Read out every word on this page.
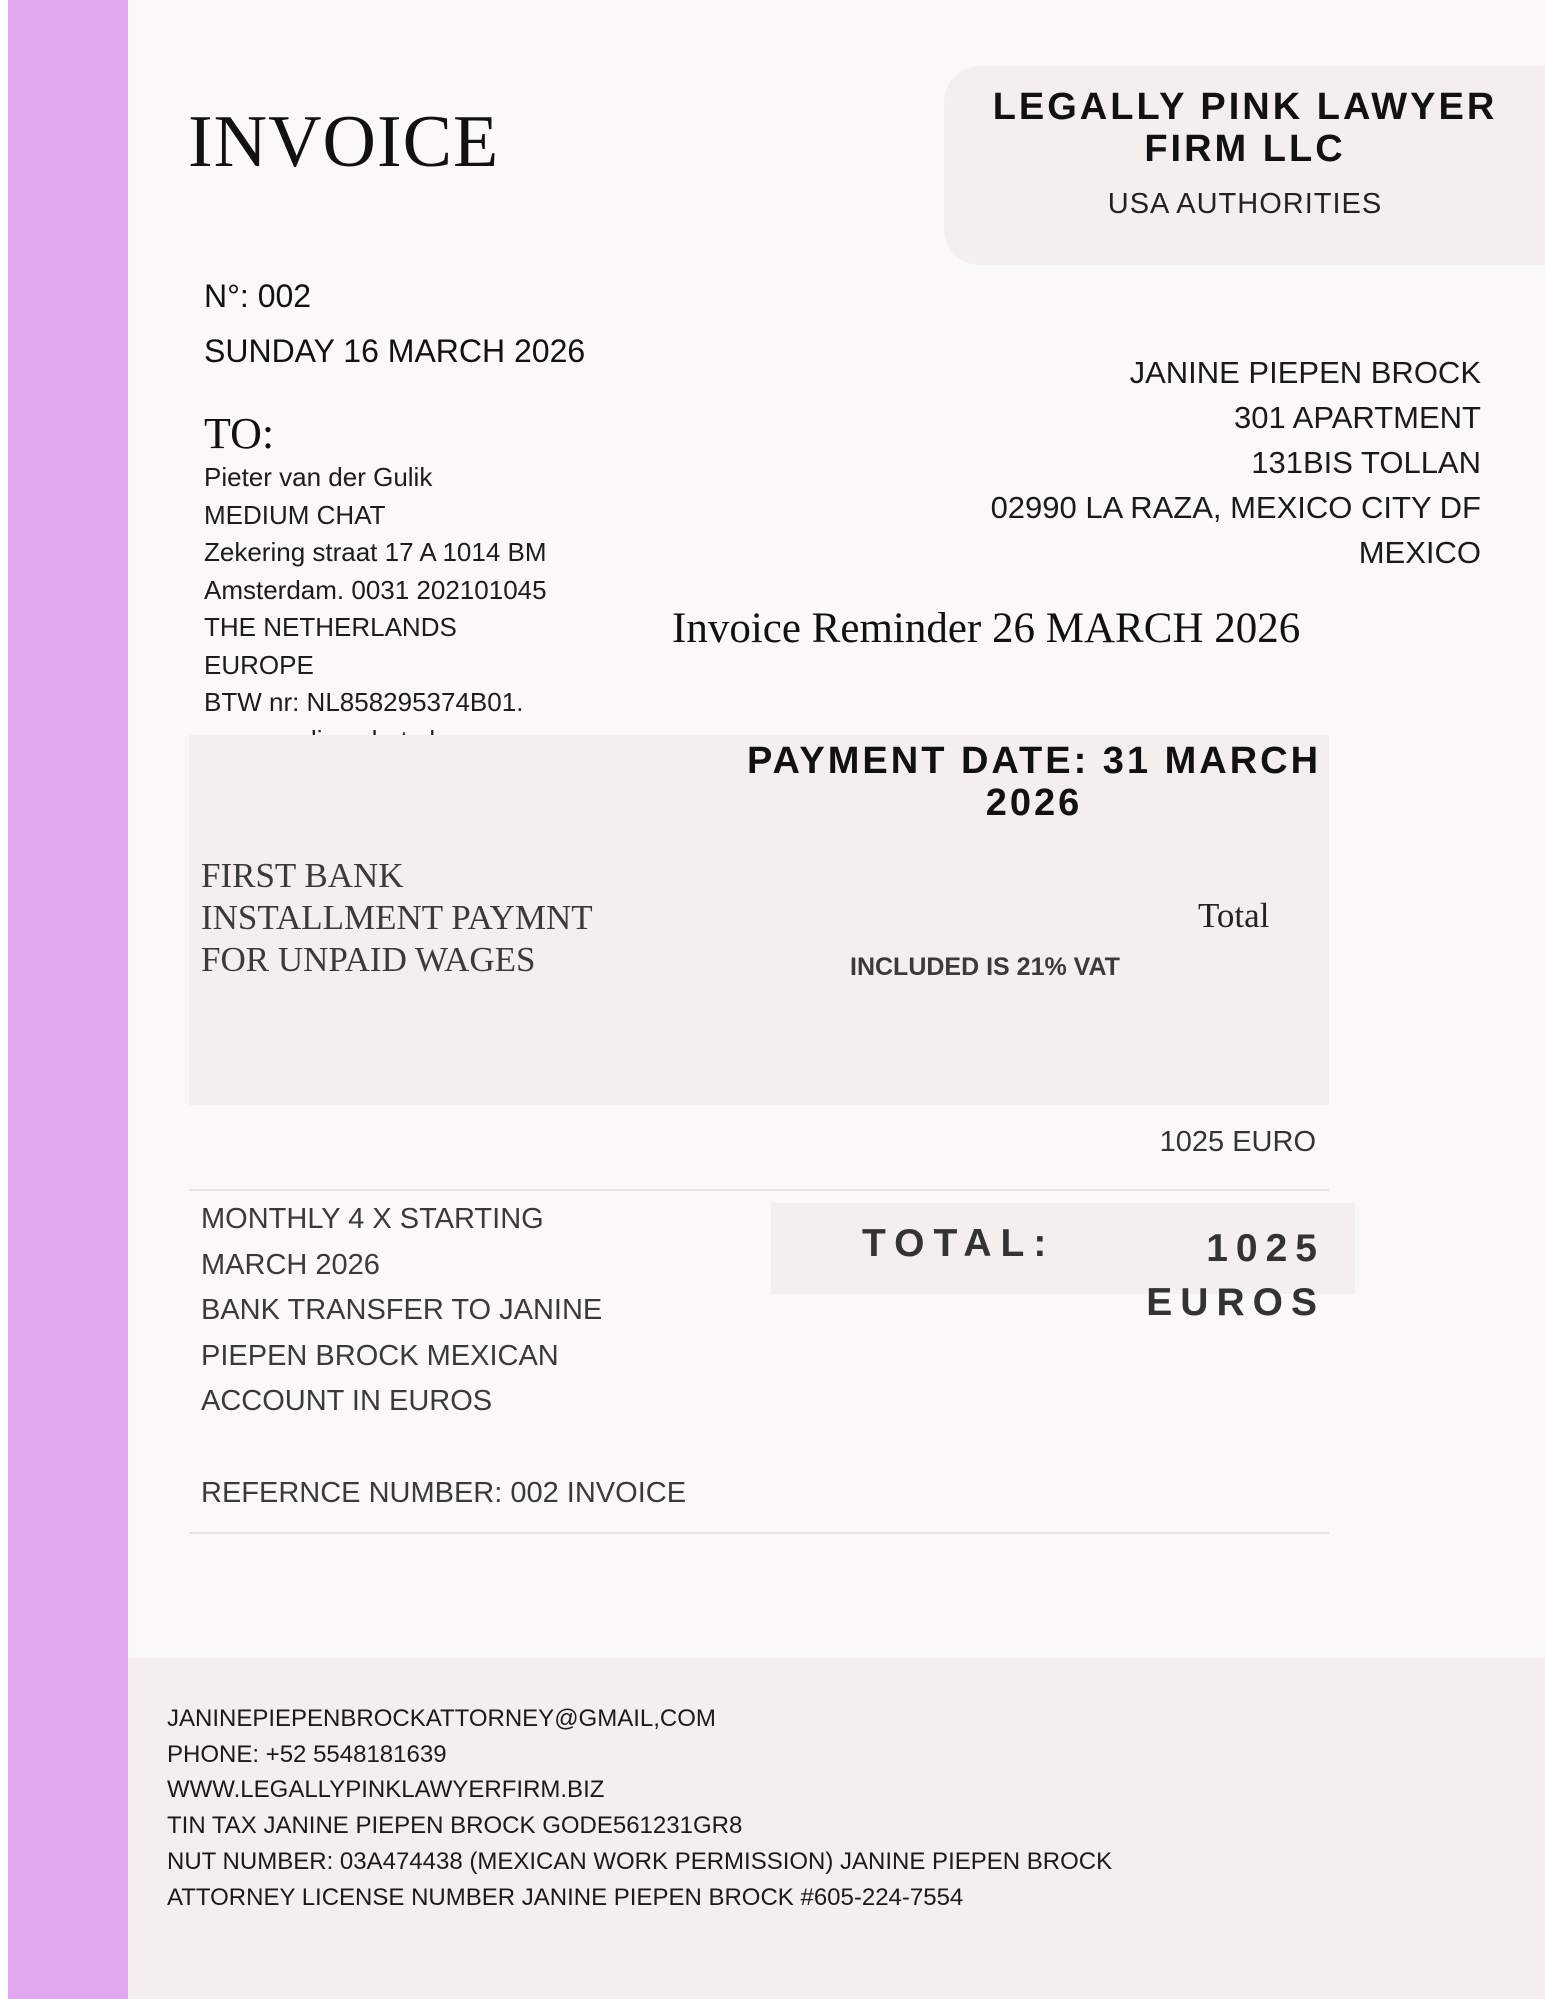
INVOICE	LEGALLY PINK LAWYER FIRM LLC
USA AUTHORITIES
N°: 002
SUNDAY 16 MARCH 2026
TO:
Pieter van der Gulik
MEDIUM CHAT
Zekering straat 17 A 1014 BM
Amsterdam. 0031 202101045
THE NETHERLANDS
EUROPE
BTW nr: NL858295374B01.
JANINE PIEPEN BROCK
301 APARTMENT
131BIS TOLLAN
02990 LA RAZA, MEXICO CITY DF
MEXICO
Invoice Reminder 26 MARCH 2026
PAYMENT DATE: 31 MARCH 2026
FIRST BANK INSTALLMENT PAYMNT FOR UNPAID WAGES
Total
INCLUDED IS 21% VAT
1025 EURO
MONTHLY 4 X STARTING
MARCH 2026
BANK TRANSFER TO JANINE
PIEPEN BROCK MEXICAN
ACCOUNT IN EUROS
TOTAL:	1025 EUROS
REFERNCE NUMBER: 002 INVOICE
JANINEPIEPENBROCKATTORNEY@GMAIL,COM
PHONE: +52 5548181639
WWW.LEGALLYPINKLAWYERFIRM.BIZ
TIN TAX JANINE PIEPEN BROCK GODE561231GR8
NUT NUMBER: 03A474438 (MEXICAN WORK PERMISSION) JANINE PIEPEN BROCK
ATTORNEY LICENSE NUMBER JANINE PIEPEN BROCK #605-224-7554
